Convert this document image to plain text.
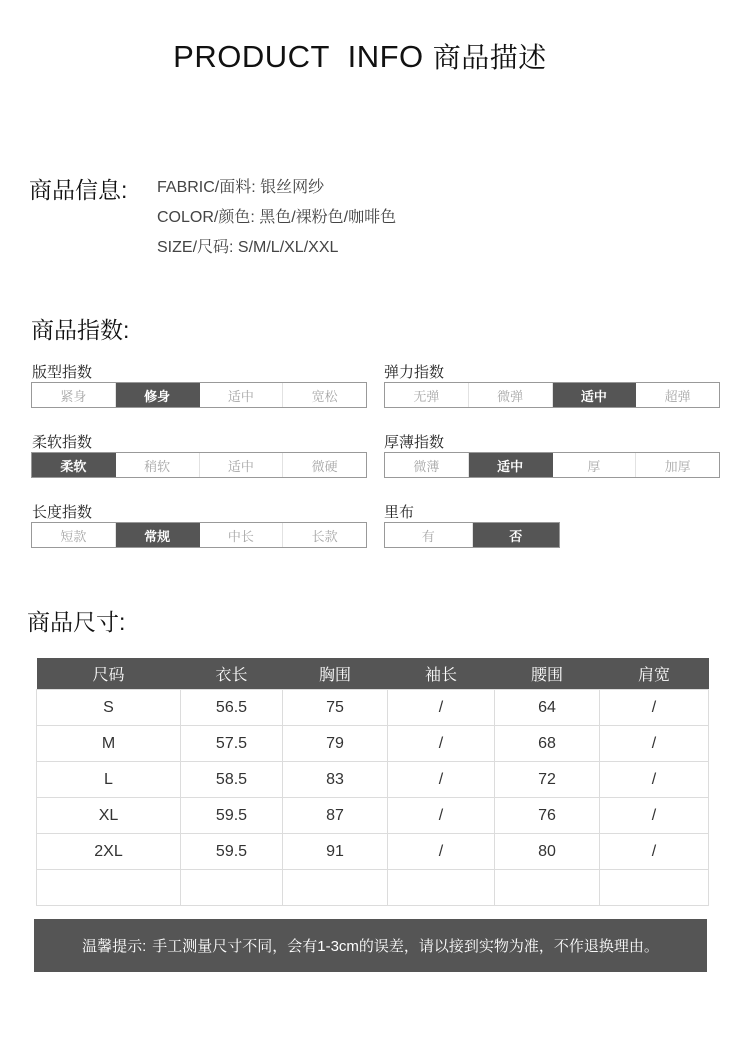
PRODUCT  INFO 商品描述
商品信息: FABRIC/面料: 银丝网纱
COLOR/颜色: 黑色/裸粉色/咖啡色
SIZE/尺码: S/M/L/XL/XXL
商品指数:
版型指数
紧身	修身	适中	宽松
弹力指数
无弹	微弹	适中	超弹
柔软指数
柔软	稍软	适中	微硬
厚薄指数
微薄	适中	厚	加厚
长度指数
短款	常规	中长	长款
里布
有	否
商品尺寸:
尺码	衣长	胸围	袖长	腰围	肩宽
S	56.5	75	/	64	/
M	57.5	79	/	68	/
L	58.5	83	/	72	/
XL	59.5	87	/	76	/
2XL	59.5	91	/	80	/

温馨提示: 手工测量尺寸不同，会有1-3cm的误差，请以接到实物为准，不作退换理由。
